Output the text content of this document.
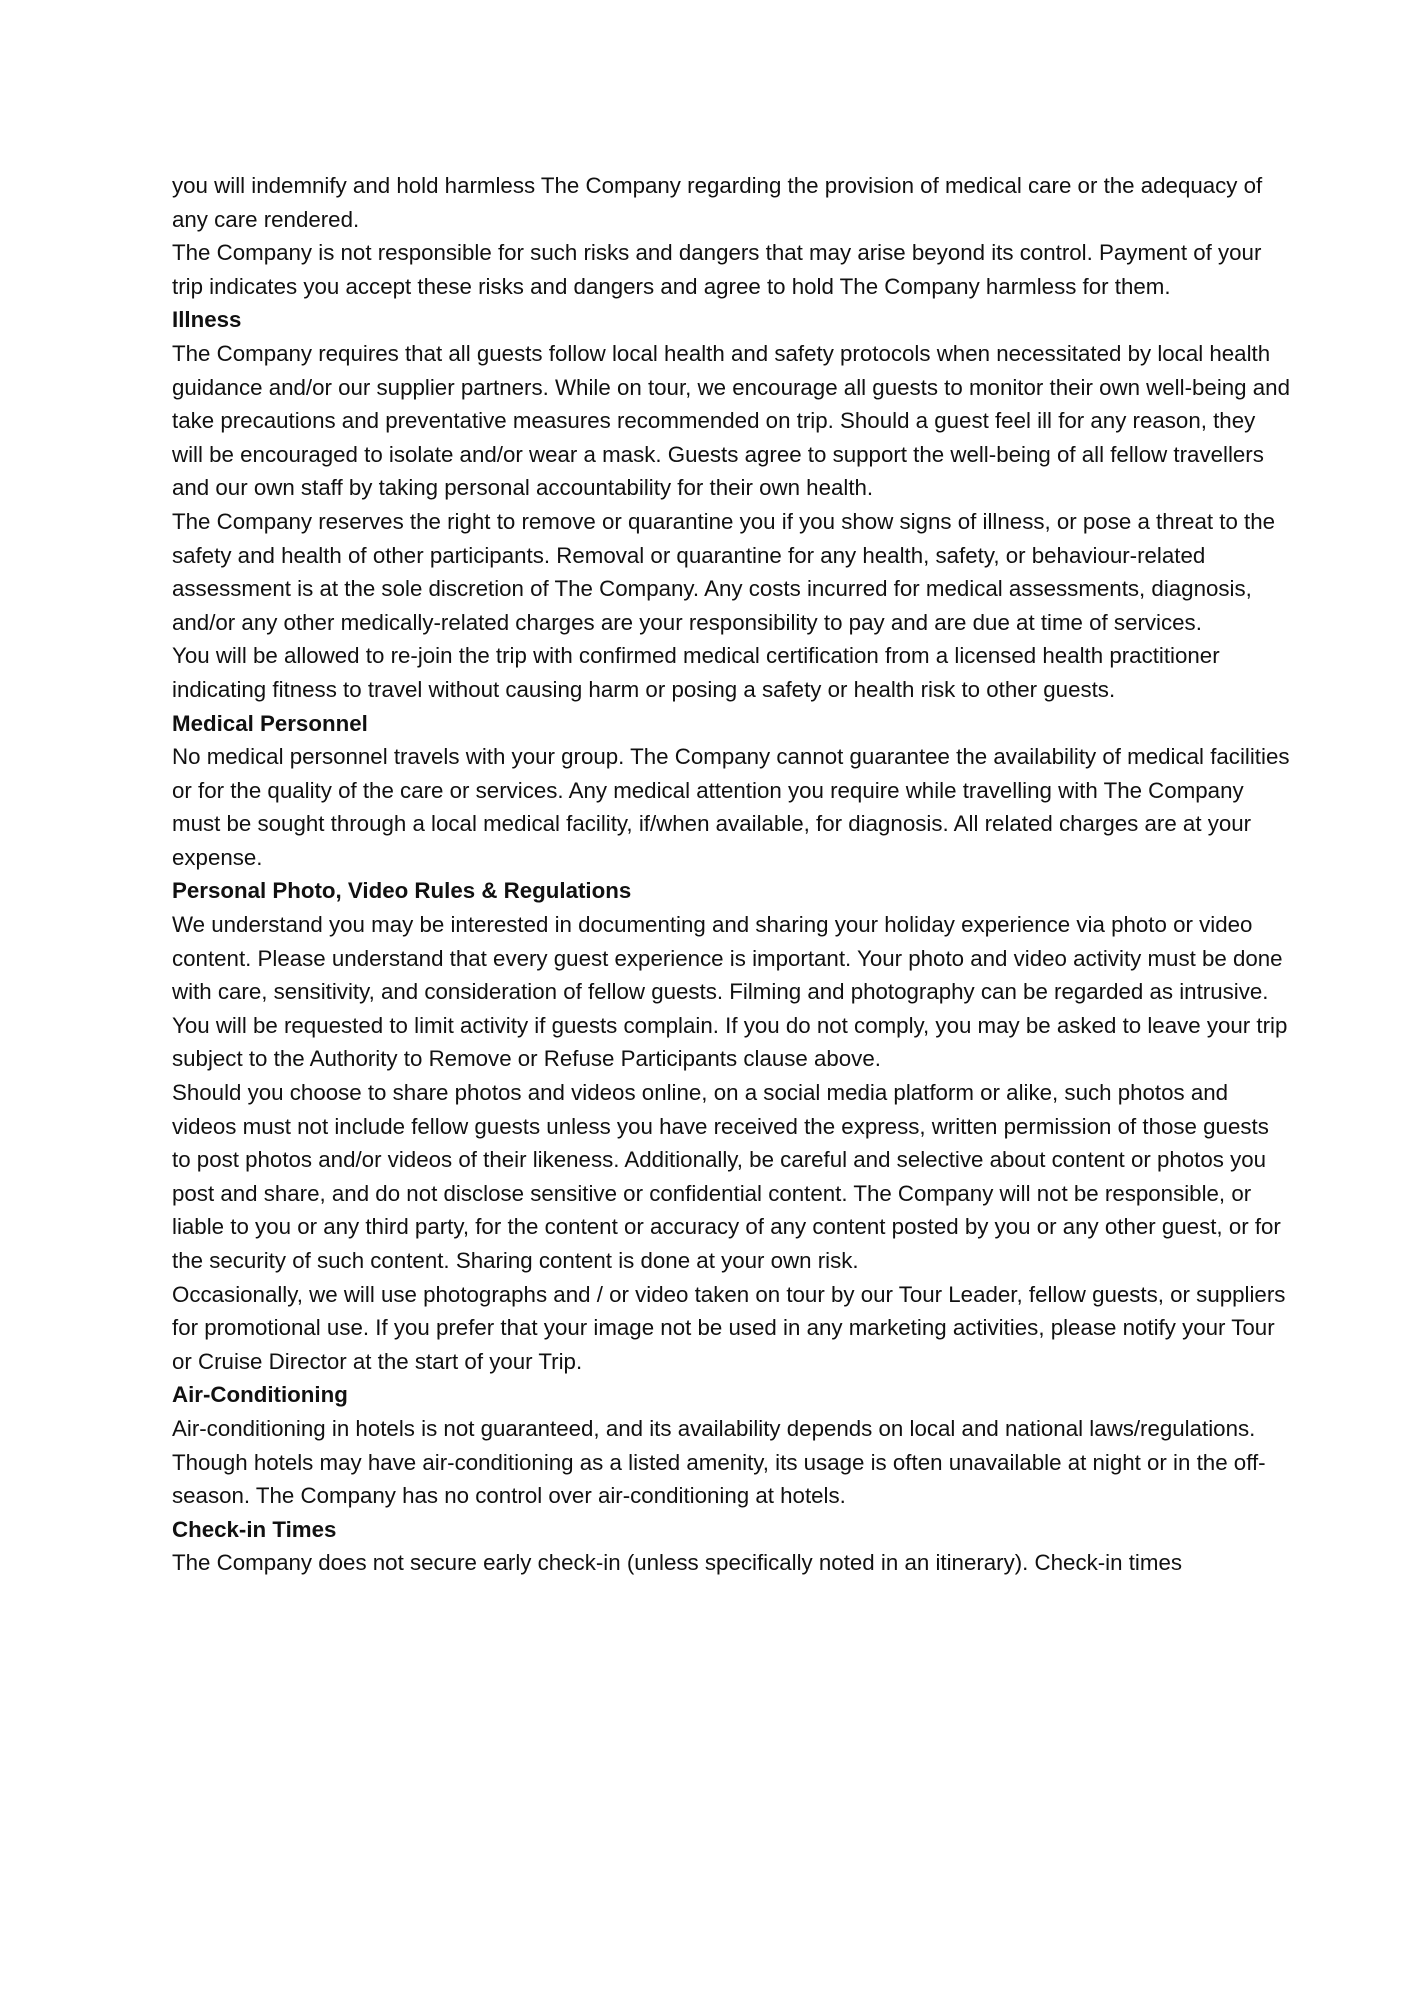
you will indemnify and hold harmless The Company regarding the provision of medical care or the adequacy of any care rendered.

The Company is not responsible for such risks and dangers that may arise beyond its control. Payment of your trip indicates you accept these risks and dangers and agree to hold The Company harmless for them.

Illness

The Company requires that all guests follow local health and safety protocols when necessitated by local health guidance and/or our supplier partners. While on tour, we encourage all guests to monitor their own well-being and take precautions and preventative measures recommended on trip. Should a guest feel ill for any reason, they will be encouraged to isolate and/or wear a mask. Guests agree to support the well-being of all fellow travellers and our own staff by taking personal accountability for their own health.

The Company reserves the right to remove or quarantine you if you show signs of illness, or pose a threat to the safety and health of other participants. Removal or quarantine for any health, safety, or behaviour-related assessment is at the sole discretion of The Company. Any costs incurred for medical assessments, diagnosis, and/or any other medically-related charges are your responsibility to pay and are due at time of services.

You will be allowed to re-join the trip with confirmed medical certification from a licensed health practitioner indicating fitness to travel without causing harm or posing a safety or health risk to other guests.

Medical Personnel

No medical personnel travels with your group. The Company cannot guarantee the availability of medical facilities or for the quality of the care or services. Any medical attention you require while travelling with The Company must be sought through a local medical facility, if/when available, for diagnosis. All related charges are at your expense.

Personal Photo, Video Rules & Regulations

We understand you may be interested in documenting and sharing your holiday experience via photo or video content. Please understand that every guest experience is important. Your photo and video activity must be done with care, sensitivity, and consideration of fellow guests. Filming and photography can be regarded as intrusive. You will be requested to limit activity if guests complain. If you do not comply, you may be asked to leave your trip subject to the Authority to Remove or Refuse Participants clause above.

Should you choose to share photos and videos online, on a social media platform or alike, such photos and videos must not include fellow guests unless you have received the express, written permission of those guests to post photos and/or videos of their likeness. Additionally, be careful and selective about content or photos you post and share, and do not disclose sensitive or confidential content. The Company will not be responsible, or liable to you or any third party, for the content or accuracy of any content posted by you or any other guest, or for the security of such content. Sharing content is done at your own risk.

Occasionally, we will use photographs and / or video taken on tour by our Tour Leader, fellow guests, or suppliers for promotional use. If you prefer that your image not be used in any marketing activities, please notify your Tour or Cruise Director at the start of your Trip.

Air-Conditioning

Air-conditioning in hotels is not guaranteed, and its availability depends on local and national laws/regulations. Though hotels may have air-conditioning as a listed amenity, its usage is often unavailable at night or in the off-season. The Company has no control over air-conditioning at hotels.

Check-in Times

The Company does not secure early check-in (unless specifically noted in an itinerary). Check-in times
